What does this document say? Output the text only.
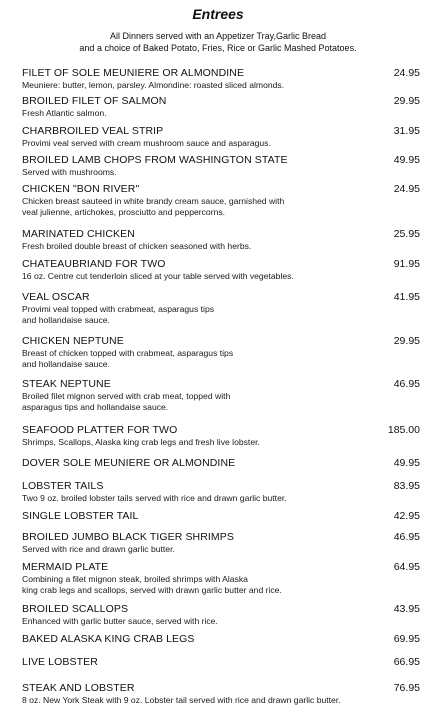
Entrees
All Dinners served with an Appetizer Tray,Garlic Bread
and a choice of Baked Potato, Fries, Rice or Garlic Mashed Potatoes.
FILET OF SOLE MEUNIERE OR ALMONDINE	24.95
Meuniere: butter, lemon, parsley. Almondine: roasted sliced almonds.
BROILED FILET OF SALMON	29.95
Fresh Atlantic salmon.
CHARBROILED VEAL STRIP	31.95
Provimi veal served with cream mushroom sauce and asparagus.
BROILED LAMB CHOPS FROM WASHINGTON STATE	49.95
Served with mushrooms.
CHICKEN "BON RIVER"	24.95
Chicken breast sauteed in white brandy cream sauce, garnished with
veal julienne, artichokes, prosciutto and peppercorns.
MARINATED CHICKEN	25.95
Fresh broiled double breast of chicken seasoned with herbs.
CHATEAUBRIAND FOR TWO	91.95
16 oz. Centre cut tenderloin sliced at your table served with vegetables.
VEAL OSCAR	41.95
Provimi veal topped with crabmeat, asparagus tips
and hollandaise sauce.
CHICKEN NEPTUNE	29.95
Breast of chicken topped with crabmeat, asparagus tips
and hollandaise sauce.
STEAK NEPTUNE	46.95
Broiled filet mignon served with crab meat, topped with
asparagus tips and hollandaise sauce.
SEAFOOD PLATTER FOR TWO	185.00
Shrimps, Scallops, Alaska king crab legs and fresh live lobster.
DOVER SOLE MEUNIERE OR ALMONDINE	49.95
LOBSTER TAILS	83.95
Two 9 oz. broiled lobster tails served with rice and drawn garlic butter.
SINGLE LOBSTER TAIL	42.95
BROILED JUMBO BLACK TIGER SHRIMPS	46.95
Served with rice and drawn garlic butter.
MERMAID PLATE	64.95
Combining a filet mignon steak, broiled shrimps with Alaska
king crab legs and scallops, served with drawn garlic butter and rice.
BROILED SCALLOPS	43.95
Enhanced with garlic butter sauce, served with rice.
BAKED ALASKA KING CRAB LEGS	69.95
LIVE LOBSTER	66.95
STEAK AND LOBSTER	76.95
8 oz. New York Steak with 9 oz. Lobster tail served with rice and drawn garlic butter.
